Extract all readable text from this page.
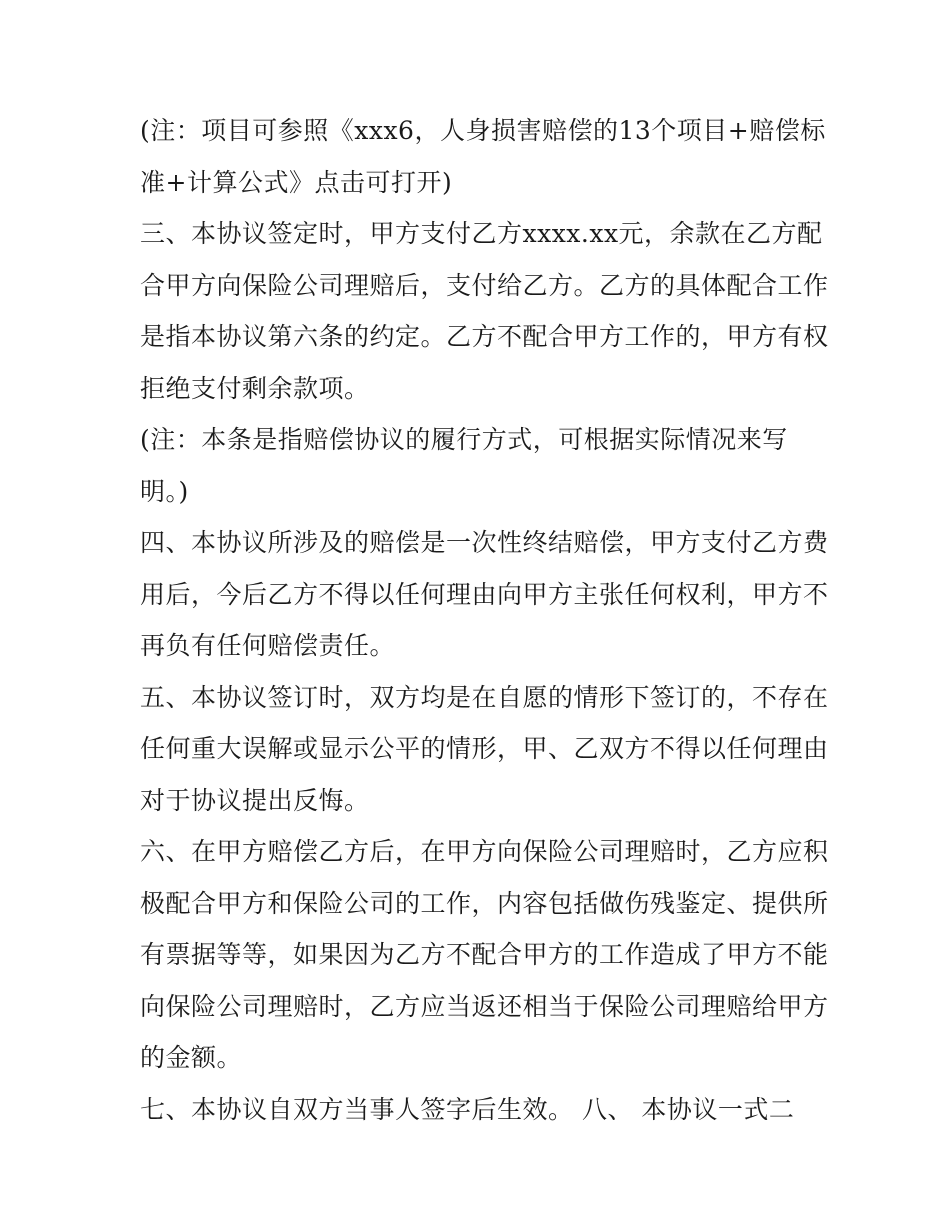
(注：项目可参照《xxx6，人身损害赔偿的13个项目+赔偿标
准+计算公式》点击可打开)
三、本协议签定时，甲方支付乙方xxxx.xx元，余款在乙方配
合甲方向保险公司理赔后，支付给乙方。乙方的具体配合工作
是指本协议第六条的约定。乙方不配合甲方工作的，甲方有权
拒绝支付剩余款项。
(注：本条是指赔偿协议的履行方式，可根据实际情况来写
明。)
四、本协议所涉及的赔偿是一次性终结赔偿，甲方支付乙方费
用后，今后乙方不得以任何理由向甲方主张任何权利，甲方不
再负有任何赔偿责任。
五、本协议签订时，双方均是在自愿的情形下签订的，不存在
任何重大误解或显示公平的情形，甲、乙双方不得以任何理由
对于协议提出反悔。
六、在甲方赔偿乙方后，在甲方向保险公司理赔时，乙方应积
极配合甲方和保险公司的工作，内容包括做伤残鉴定、提供所
有票据等等，如果因为乙方不配合甲方的工作造成了甲方不能
向保险公司理赔时，乙方应当返还相当于保险公司理赔给甲方
的金额。
七、本协议自双方当事人签字后生效。 八、 本协议一式二
